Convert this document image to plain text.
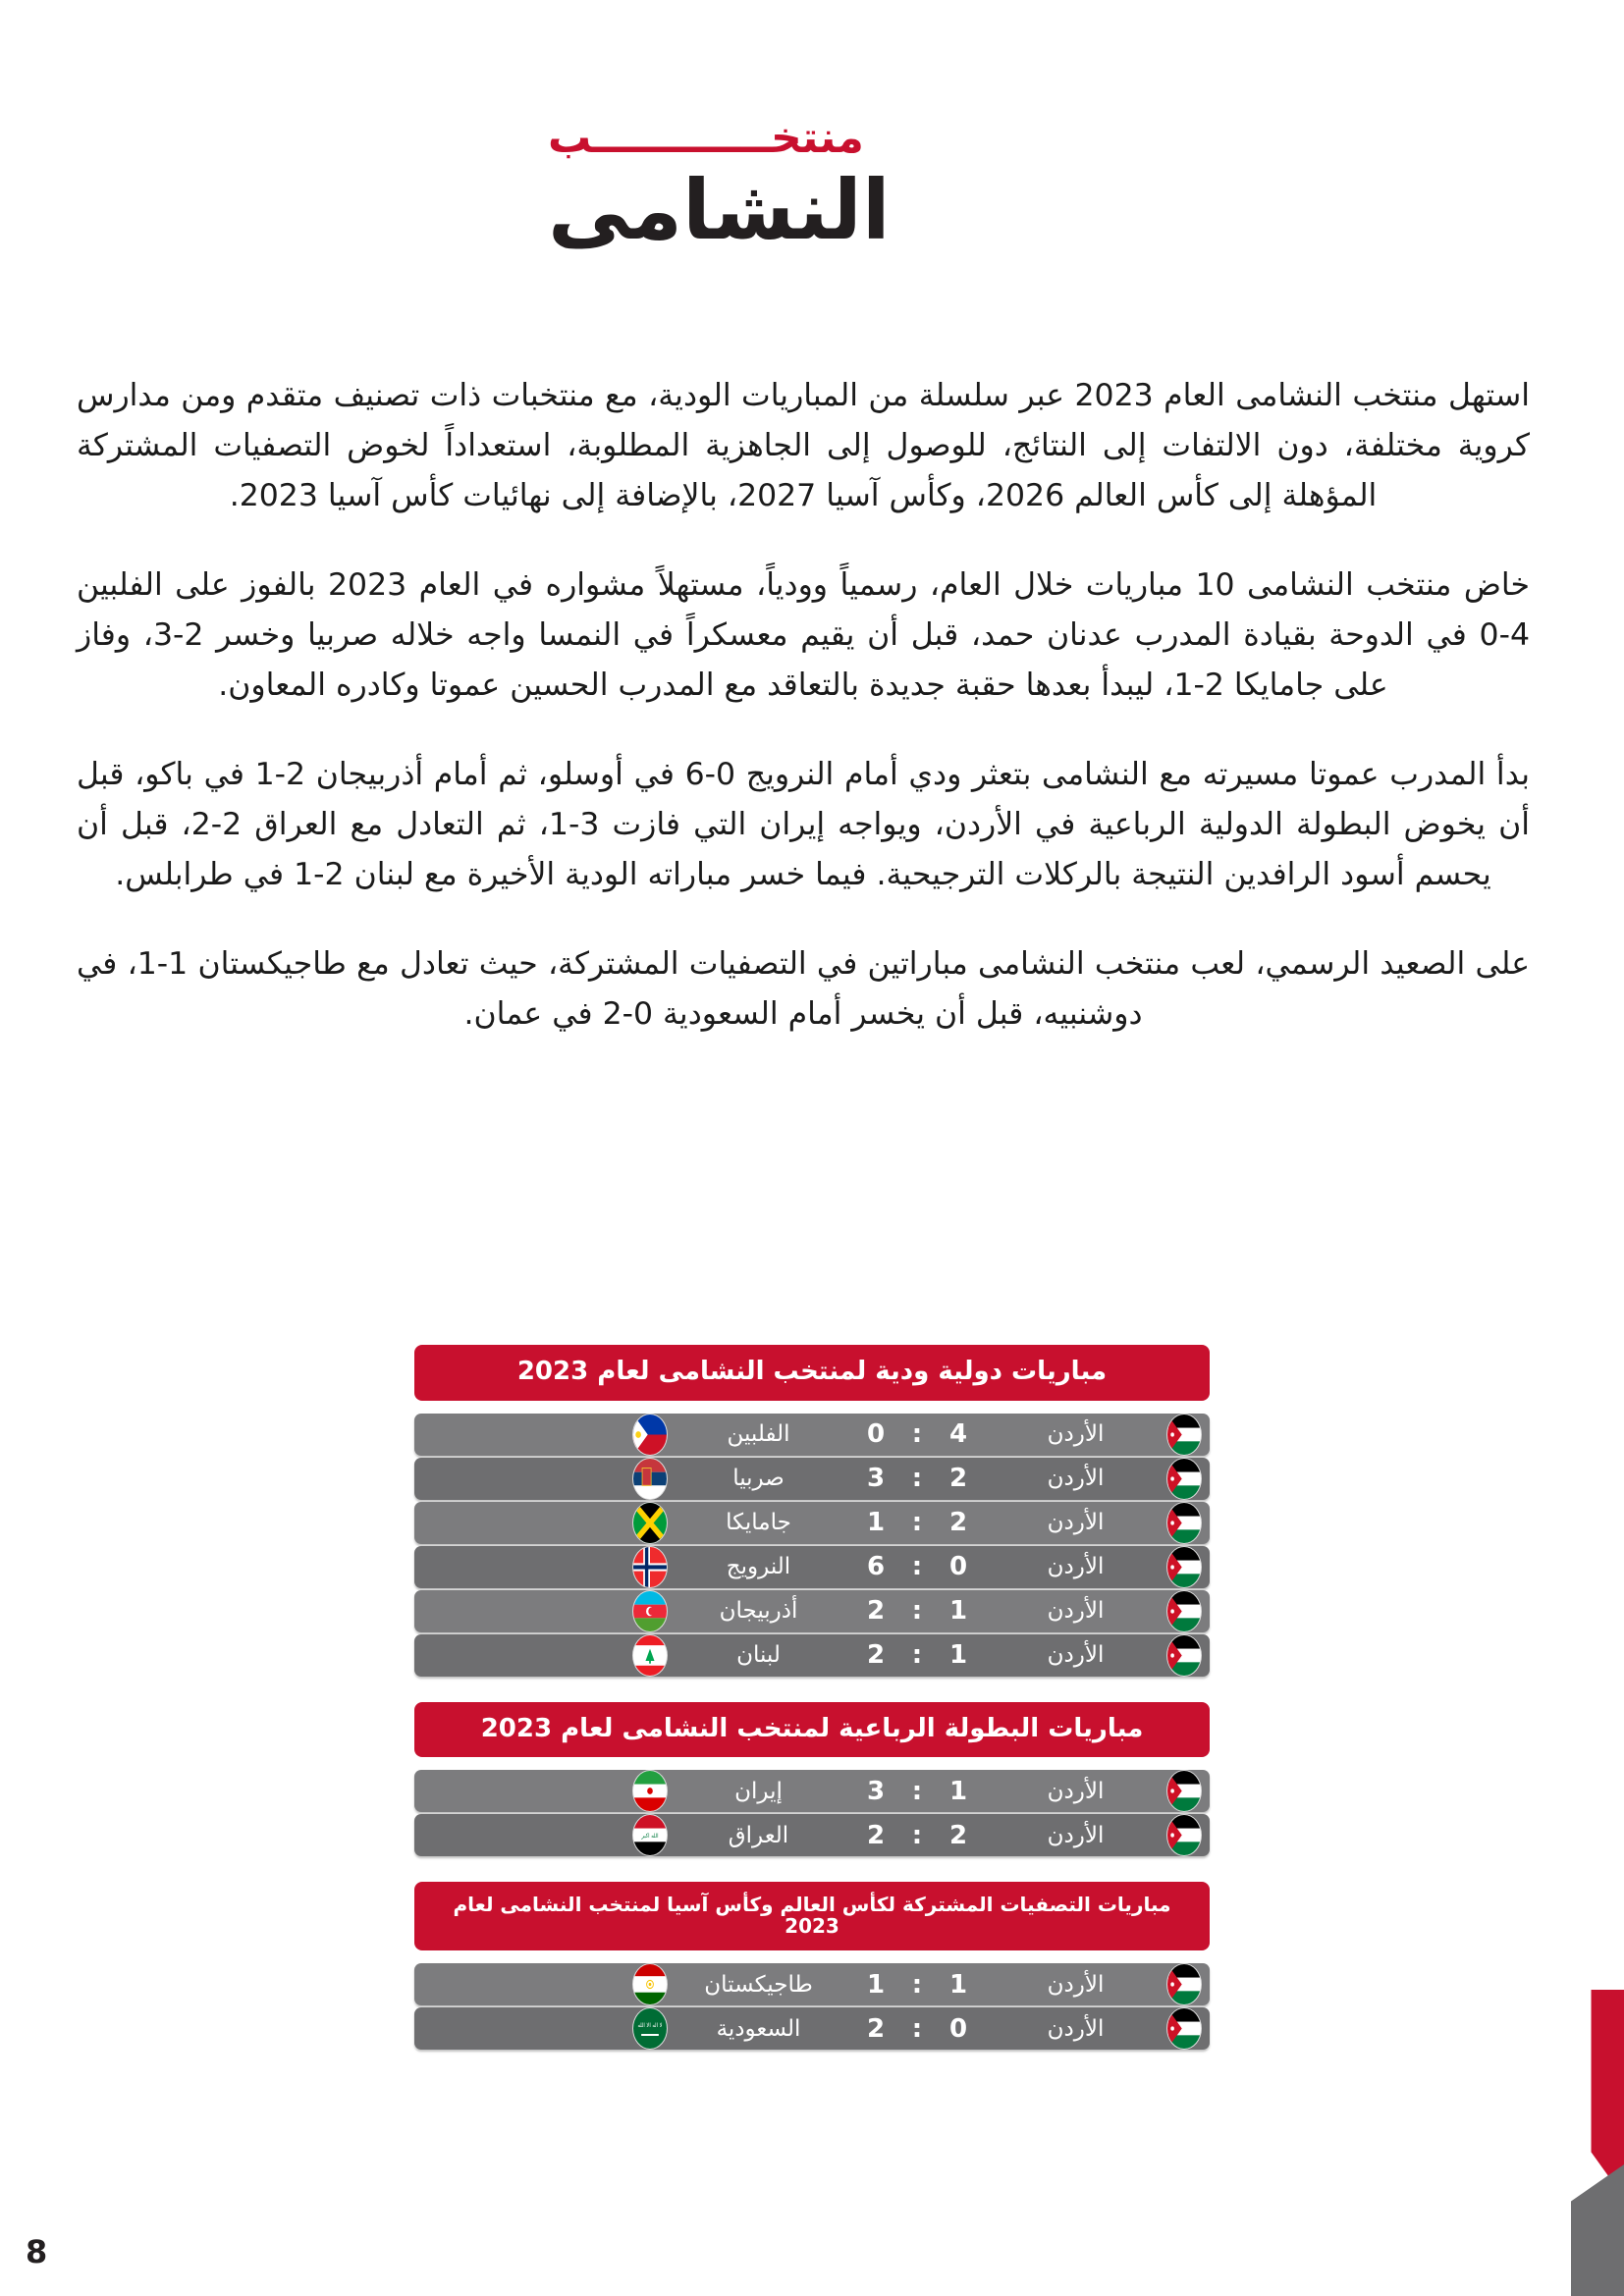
منتخــــــــــــب
النشامى

استهل منتخب النشامى العام 2023 عبر سلسلة من المباريات الودية، مع منتخبات ذات تصنيف متقدم ومن مدارس كروية مختلفة، دون الالتفات إلى النتائج، للوصول إلى الجاهزية المطلوبة، استعداداً لخوض التصفيات المشتركة المؤهلة إلى كأس العالم 2026، وكأس آسيا 2027، بالإضافة إلى نهائيات كأس آسيا 2023.

خاض منتخب النشامى 10 مباريات خلال العام، رسمياً وودياً، مستهلاً مشواره في العام 2023 بالفوز على الفلبين 4-0 في الدوحة بقيادة المدرب عدنان حمد، قبل أن يقيم معسكراً في النمسا واجه خلاله صربيا وخسر 2-3، وفاز على جامايكا 2-1، ليبدأ بعدها حقبة جديدة بالتعاقد مع المدرب الحسين عموتا وكادره المعاون.

بدأ المدرب عموتا مسيرته مع النشامى بتعثر ودي أمام النرويج 0-6 في أوسلو، ثم أمام أذربيجان 2-1 في باكو، قبل أن يخوض البطولة الدولية الرباعية في الأردن، ويواجه إيران التي فازت 3-1، ثم التعادل مع العراق 2-2، قبل أن يحسم أسود الرافدين النتيجة بالركلات الترجيحية. فيما خسر مباراته الودية الأخيرة مع لبنان 2-1 في طرابلس.

على الصعيد الرسمي، لعب منتخب النشامى مباراتين في التصفيات المشتركة، حيث تعادل مع طاجيكستان 1-1، في دوشنبيه، قبل أن يخسر أمام السعودية 0-2 في عمان.

مباريات دولية ودية لمنتخب النشامى لعام 2023
الأردن
4
:
0
الفلبين
الأردن
2
:
3
صربيا
الأردن
2
:
1
جامايكا
الأردن
0
:
6
النرويج
الأردن
1
:
2
أذربيجان
الأردن
1
:
2
لبنان
مباريات البطولة الرباعية لمنتخب النشامى لعام 2023
الأردن
1
:
3
إيران
الأردن
2
:
2
العراق
الله اكبر
مباريات التصفيات المشتركة لكأس العالم وكأس آسيا لمنتخب النشامى لعام 2023
الأردن
1
:
1
طاجيكستان
الأردن
0
:
2
السعودية
لا اله الا الله
8
